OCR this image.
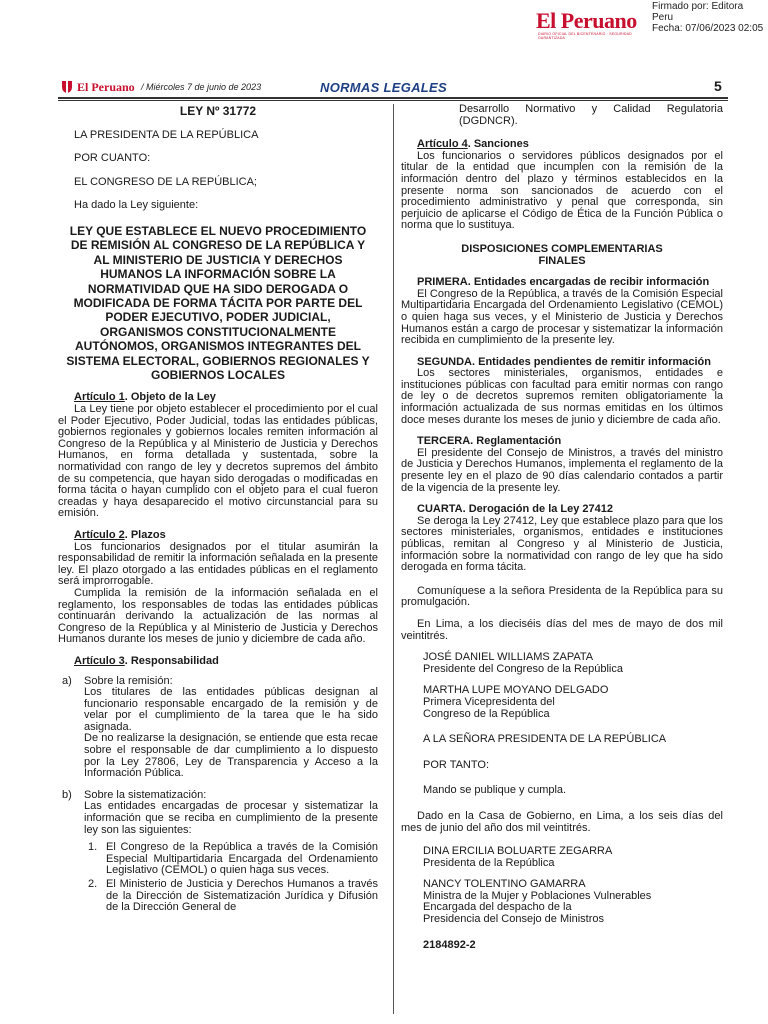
El Peruano
DIARIO OFICIAL DEL BICENTENARIO · SEGURIDAD GARANTIZADA
Firmado por: Editora
Peru
Fecha: 07/06/2023 02:05
El Peruano / Miércoles 7 de junio de 2023	NORMAS LEGALES	5

LEY Nº 31772

LA PRESIDENTA DE LA REPÚBLICA

POR CUANTO:

EL CONGRESO DE LA REPÚBLICA;

Ha dado la Ley siguiente:

LEY QUE ESTABLECE EL NUEVO PROCEDIMIENTO DE REMISIÓN AL CONGRESO DE LA REPÚBLICA Y AL MINISTERIO DE JUSTICIA Y DERECHOS HUMANOS LA INFORMACIÓN SOBRE LA NORMATIVIDAD QUE HA SIDO DEROGADA O MODIFICADA DE FORMA TÁCITA POR PARTE DEL PODER EJECUTIVO, PODER JUDICIAL, ORGANISMOS CONSTITUCIONALMENTE AUTÓNOMOS, ORGANISMOS INTEGRANTES DEL SISTEMA ELECTORAL, GOBIERNOS REGIONALES Y GOBIERNOS LOCALES

Artículo 1. Objeto de la Ley

La Ley tiene por objeto establecer el procedimiento por el cual el Poder Ejecutivo, Poder Judicial, todas las entidades públicas, gobiernos regionales y gobiernos locales remiten información al Congreso de la República y al Ministerio de Justicia y Derechos Humanos, en forma detallada y sustentada, sobre la normatividad con rango de ley y decretos supremos del ámbito de su competencia, que hayan sido derogadas o modificadas en forma tácita o hayan cumplido con el objeto para el cual fueron creadas y haya desaparecido el motivo circunstancial para su emisión.

Artículo 2. Plazos

Los funcionarios designados por el titular asumirán la responsabilidad de remitir la información señalada en la presente ley. El plazo otorgado a las entidades públicas en el reglamento será improrrogable.

Cumplida la remisión de la información señalada en el reglamento, los responsables de todas las entidades públicas continuarán derivando la actualización de las normas al Congreso de la República y al Ministerio de Justicia y Derechos Humanos durante los meses de junio y diciembre de cada año.

Artículo 3. Responsabilidad

a)	Sobre la remisión:

Los titulares de las entidades públicas designan al funcionario responsable encargado de la remisión y de velar por el cumplimiento de la tarea que le ha sido asignada.

De no realizarse la designación, se entiende que esta recae sobre el responsable de dar cumplimiento a lo dispuesto por la Ley 27806, Ley de Transparencia y Acceso a la Información Pública.

b)	Sobre la sistematización:

Las entidades encargadas de procesar y sistematizar la información que se reciba en cumplimiento de la presente ley son las siguientes:

1. El Congreso de la República a través de la Comisión Especial Multipartidaria Encargada del Ordenamiento Legislativo (CEMOL) o quien haga sus veces.

2. El Ministerio de Justicia y Derechos Humanos a través de la Dirección de Sistematización Jurídica y Difusión de la Dirección General de

Desarrollo Normativo y Calidad Regulatoria (DGDNCR).

Artículo 4. Sanciones

Los funcionarios o servidores públicos designados por el titular de la entidad que incumplen con la remisión de la información dentro del plazo y términos establecidos en la presente norma son sancionados de acuerdo con el procedimiento administrativo y penal que corresponda, sin perjuicio de aplicarse el Código de Ética de la Función Pública o norma que lo sustituya.

DISPOSICIONES COMPLEMENTARIAS FINALES

PRIMERA. Entidades encargadas de recibir información

El Congreso de la República, a través de la Comisión Especial Multipartidaria Encargada del Ordenamiento Legislativo (CEMOL) o quien haga sus veces, y el Ministerio de Justicia y Derechos Humanos están a cargo de procesar y sistematizar la información recibida en cumplimiento de la presente ley.

SEGUNDA. Entidades pendientes de remitir información

Los sectores ministeriales, organismos, entidades e instituciones públicas con facultad para emitir normas con rango de ley o de decretos supremos remiten obligatoriamente la información actualizada de sus normas emitidas en los últimos doce meses durante los meses de junio y diciembre de cada año.

TERCERA. Reglamentación

El presidente del Consejo de Ministros, a través del ministro de Justicia y Derechos Humanos, implementa el reglamento de la presente ley en el plazo de 90 días calendario contados a partir de la vigencia de la presente ley.

CUARTA. Derogación de la Ley 27412

Se deroga la Ley 27412, Ley que establece plazo para que los sectores ministeriales, organismos, entidades e instituciones públicas, remitan al Congreso y al Ministerio de Justicia, información sobre la normatividad con rango de ley que ha sido derogada en forma tácita.

Comuníquese a la señora Presidenta de la República para su promulgación.

En Lima, a los dieciséis días del mes de mayo de dos mil veintitrés.

JOSÉ DANIEL WILLIAMS ZAPATA

Presidente del Congreso de la República

MARTHA LUPE MOYANO DELGADO

Primera Vicepresidenta del

Congreso de la República

A LA SEÑORA PRESIDENTA DE LA REPÚBLICA

POR TANTO:

Mando se publique y cumpla.

Dado en la Casa de Gobierno, en Lima, a los seis días del mes de junio del año dos mil veintitrés.

DINA ERCILIA BOLUARTE ZEGARRA

Presidenta de la República

NANCY TOLENTINO GAMARRA

Ministra de la Mujer y Poblaciones Vulnerables

Encargada del despacho de la

Presidencia del Consejo de Ministros

2184892-2
